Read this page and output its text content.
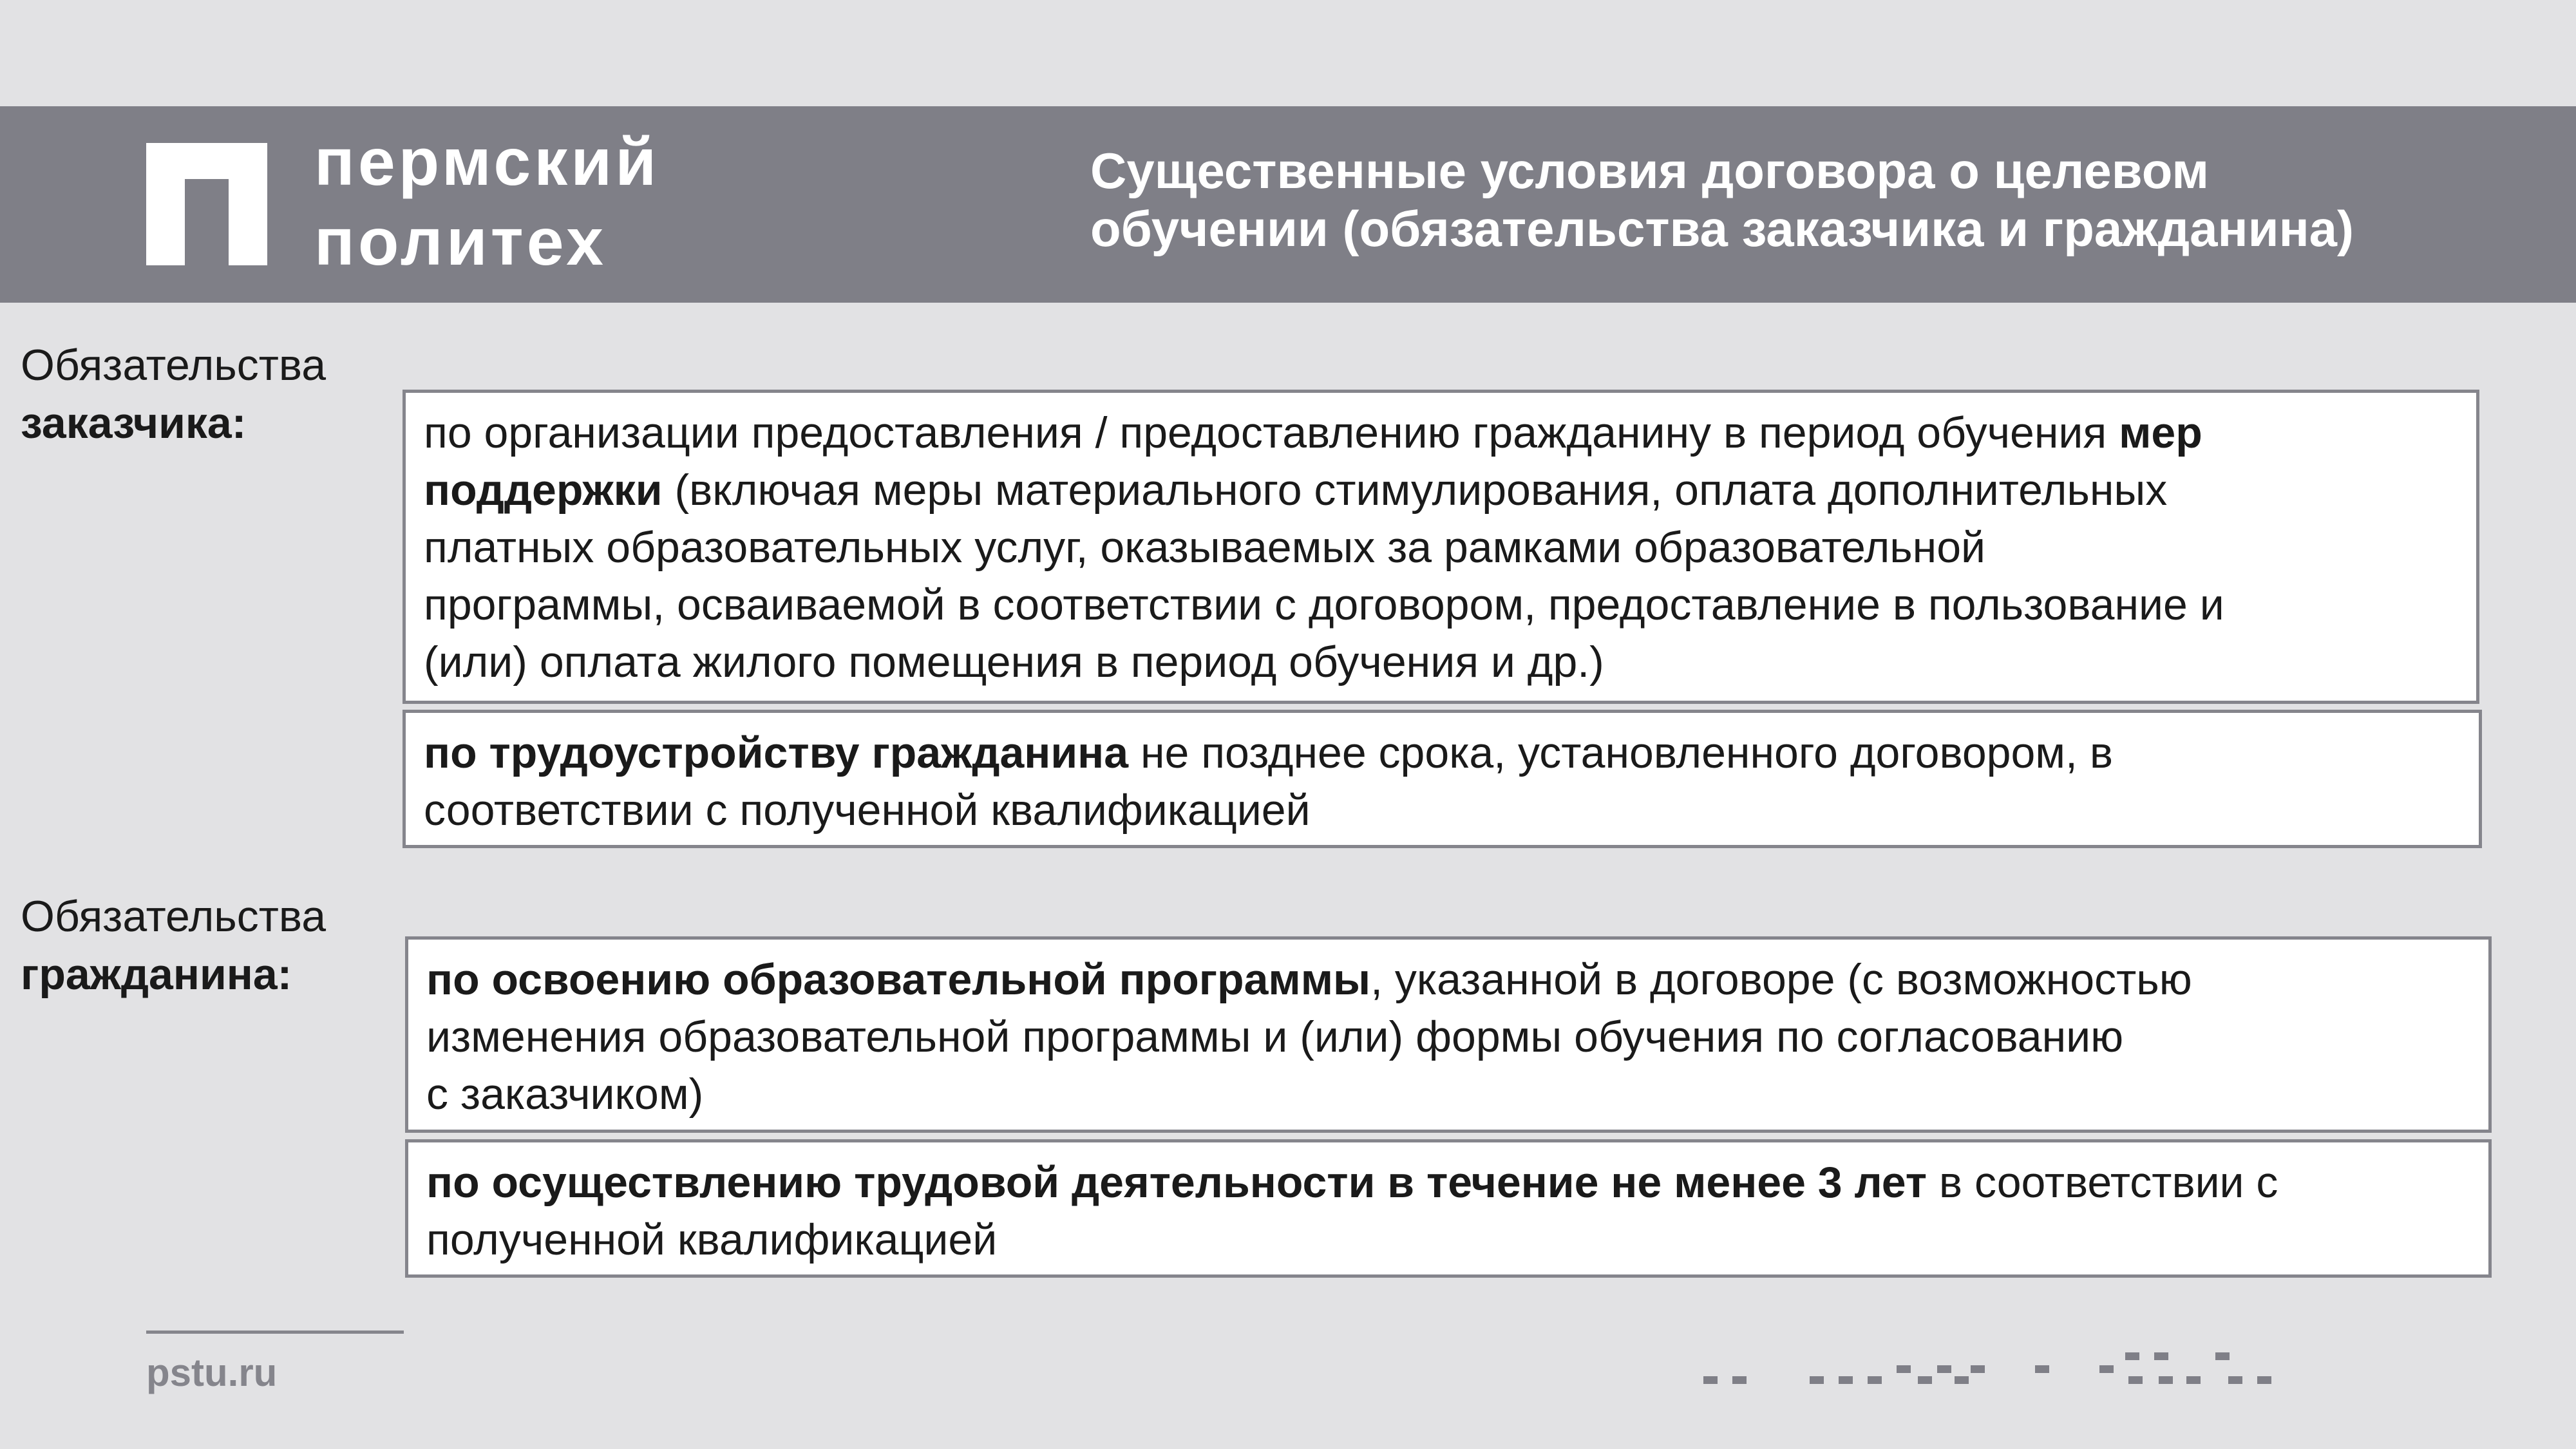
пермский
политех
Существенные условия договора о целевом
обучении (обязательства заказчика и гражданина)
Обязательства
заказчика:	по организации предоставления / предоставлению гражданину в период обучения мер
поддержки (включая меры материального стимулирования, оплата дополнительных
платных образовательных услуг, оказываемых за рамками образовательной
программы, осваиваемой в соответствии с договором, предоставление в пользование и
(или) оплата жилого помещения в период обучения и др.)
по трудоустройству гражданина не позднее срока, установленного договором, в
соответствии с полученной квалификацией
Обязательства
гражданина:	по освоению образовательной программы, указанной в договоре (с возможностью
изменения образовательной программы и (или) формы обучения по согласованию
с заказчиком)
по осуществлению трудовой деятельности в течение не менее 3 лет в соответствии с
полученной квалификацией
pstu.ru
